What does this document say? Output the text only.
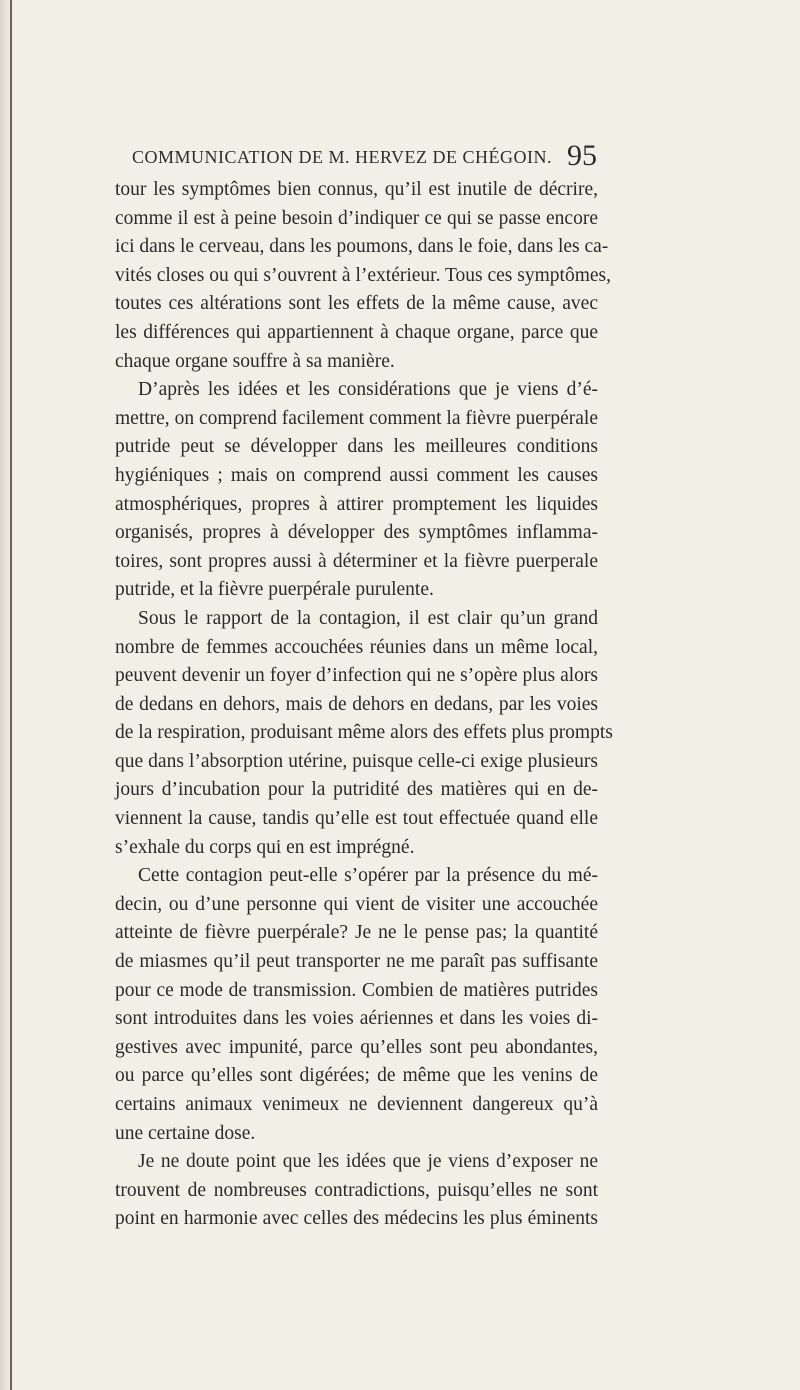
COMMUNICATION DE M. HERVEZ DE CHÉGOIN. 95
tour les symptômes bien connus, qu’il est inutile de décrire,
comme il est à peine besoin d’indiquer ce qui se passe encore
ici dans le cerveau, dans les poumons, dans le foie, dans les ca-
vités closes ou qui s’ouvrent à l’extérieur. Tous ces symptômes,
toutes ces altérations sont les effets de la même cause, avec
les différences qui appartiennent à chaque organe, parce que
chaque organe souffre à sa manière.
D’après les idées et les considérations que je viens d’é-
mettre, on comprend facilement comment la fièvre puerpérale
putride peut se développer dans les meilleures conditions
hygiéniques ; mais on comprend aussi comment les causes
atmosphériques, propres à attirer promptement les liquides
organisés, propres à développer des symptômes inflamma-
toires, sont propres aussi à déterminer et la fièvre puerperale
putride, et la fièvre puerpérale purulente.
Sous le rapport de la contagion, il est clair qu’un grand
nombre de femmes accouchées réunies dans un même local,
peuvent devenir un foyer d’infection qui ne s’opère plus alors
de dedans en dehors, mais de dehors en dedans, par les voies
de la respiration, produisant même alors des effets plus prompts
que dans l’absorption utérine, puisque celle-ci exige plusieurs
jours d’incubation pour la putridité des matières qui en de-
viennent la cause, tandis qu’elle est tout effectuée quand elle
s’exhale du corps qui en est imprégné.
Cette contagion peut-elle s’opérer par la présence du mé-
decin, ou d’une personne qui vient de visiter une accouchée
atteinte de fièvre puerpérale? Je ne le pense pas; la quantité
de miasmes qu’il peut transporter ne me paraît pas suffisante
pour ce mode de transmission. Combien de matières putrides
sont introduites dans les voies aériennes et dans les voies di-
gestives avec impunité, parce qu’elles sont peu abondantes,
ou parce qu’elles sont digérées; de même que les venins de
certains animaux venimeux ne deviennent dangereux qu’à
une certaine dose.
Je ne doute point que les idées que je viens d’exposer ne
trouvent de nombreuses contradictions, puisqu’elles ne sont
point en harmonie avec celles des médecins les plus éminents
